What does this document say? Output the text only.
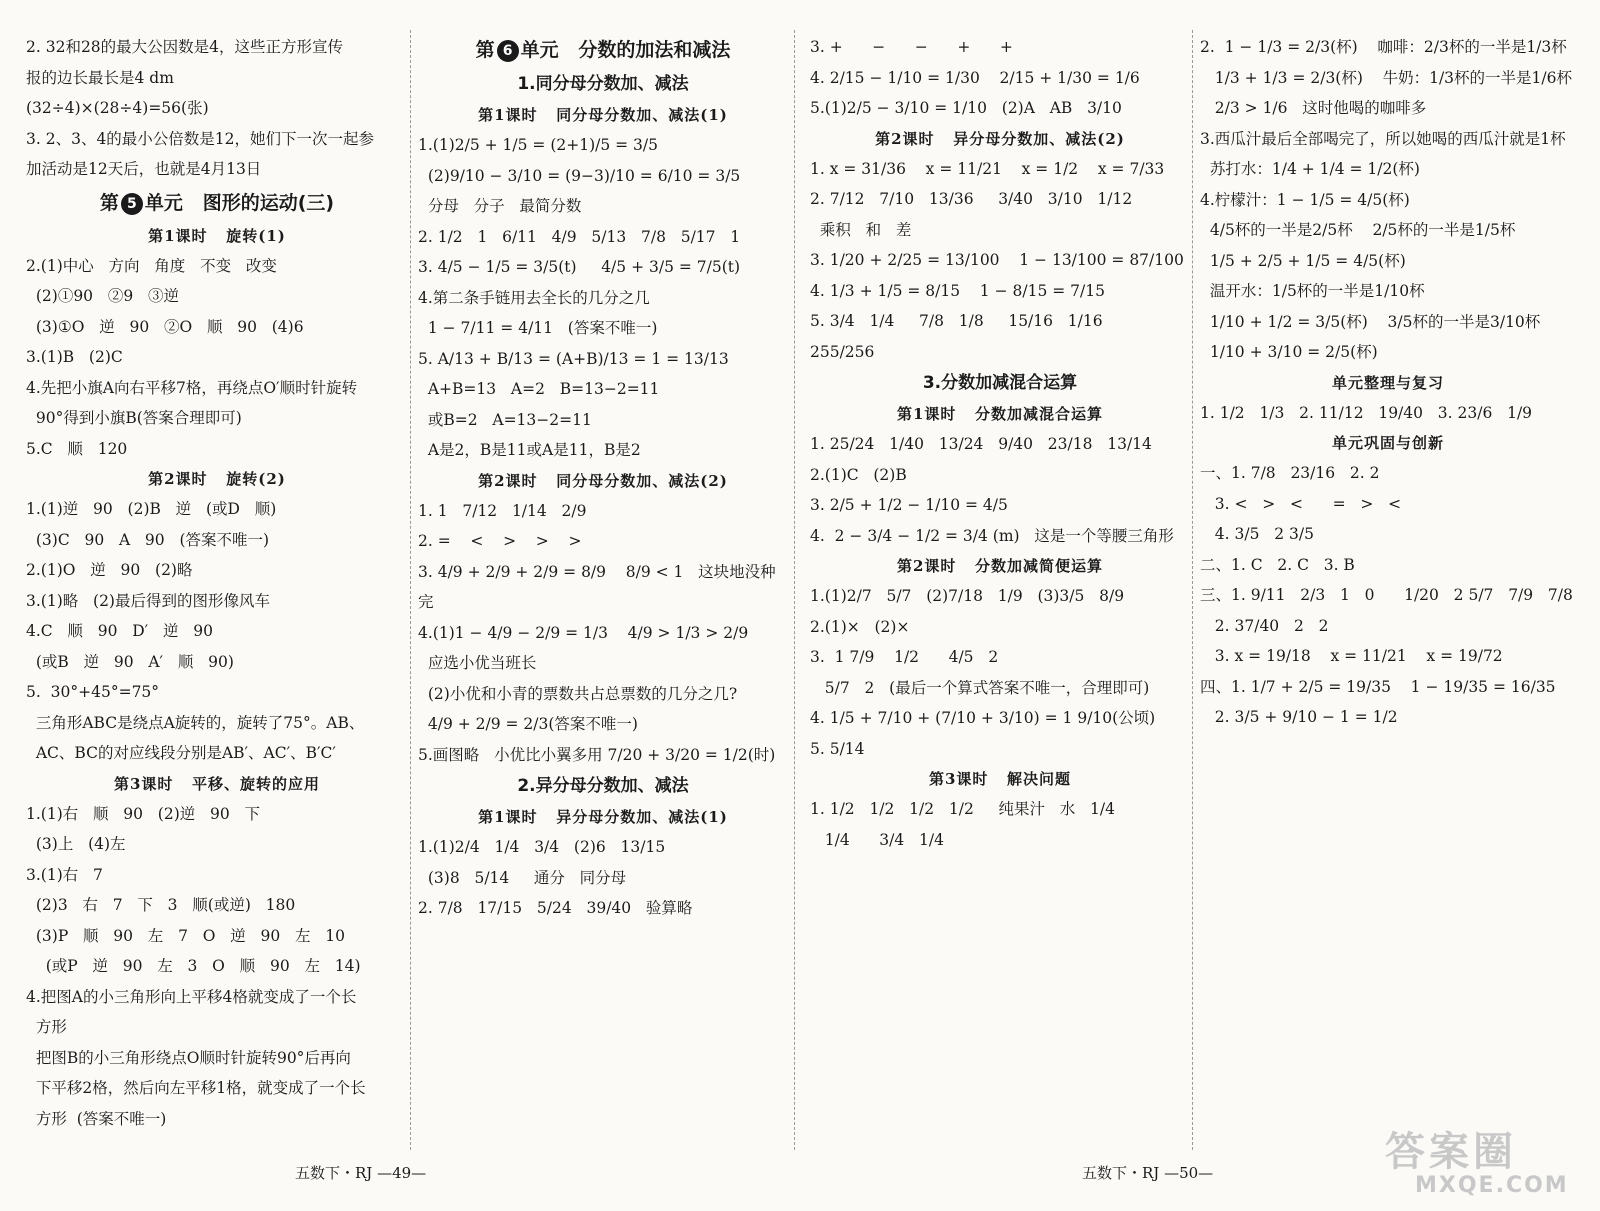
2. 32和28的最大公因数是4，这些正方形宣传
报的边长最长是4 dm
(32÷4)×(28÷4)=56(张)
3. 2、3、4的最小公倍数是12，她们下一次一起参
加活动是12天后，也就是4月13日
第 5 单元   图形的运动(三)
第1课时   旋转(1)
2.(1)中心   方向   角度   不变   改变
(2)①90   ②9   ③逆
(3)①O   逆   90   ②O   顺   90   (4)6
3.(1)B   (2)C
4.先把小旗A向右平移7格，再绕点O′顺时针旋转
90°得到小旗B(答案合理即可)
5.C   顺   120
第2课时   旋转(2)
1.(1)逆   90   (2)B   逆   (或D   顺)
(3)C   90   A   90   (答案不唯一)
2.(1)O   逆   90   (2)略
3.(1)略   (2)最后得到的图形像风车
4.C   顺   90   D′   逆   90
(或B   逆   90   A′   顺   90)
5.  30°+45°=75°
三角形ABC是绕点A旋转的，旋转了75°。AB、
AC、BC的对应线段分别是AB′、AC′、B′C′
第3课时   平移、旋转的应用
1.(1)右   顺   90   (2)逆   90   下
(3)上   (4)左
3.(1)右   7
(2)3   右   7   下   3   顺(或逆)   180
(3)P   顺   90   左   7   O   逆   90   左   10
(或P   逆   90   左   3   O   顺   90   左   14)
4.把图A的小三角形向上平移4格就变成了一个长
方形
把图B的小三角形绕点O顺时针旋转90°后再向
下平移2格，然后向左平移1格，就变成了一个长
方形  (答案不唯一)
第 6 单元   分数的加法和减法
1.同分母分数加、减法
第1课时   同分母分数加、减法(1)
1.(1)2/5 + 1/5 = (2+1)/5 = 3/5
(2)9/10 − 3/10 = (9−3)/10 = 6/10 = 3/5
分母   分子   最简分数
2. 1/2   1   6/11   4/9   5/13   7/8   5/17   1
3. 4/5 − 1/5 = 3/5(t)     4/5 + 3/5 = 7/5(t)
4.第二条手链用去全长的几分之几
1 − 7/11 = 4/11   (答案不唯一)
5. A/13 + B/13 = (A+B)/13 = 1 = 13/13
A+B=13   A=2   B=13−2=11
或B=2   A=13−2=11
A是2，B是11或A是11，B是2
第2课时   同分母分数加、减法(2)
1. 1   7/12   1/14   2/9
2. =    <    >    >    >
3. 4/9 + 2/9 + 2/9 = 8/9    8/9 < 1   这块地没种完
4.(1)1 − 4/9 − 2/9 = 1/3    4/9 > 1/3 > 2/9
应选小优当班长
(2)小优和小青的票数共占总票数的几分之几?
4/9 + 2/9 = 2/3(答案不唯一)
5.画图略   小优比小翼多用 7/20 + 3/20 = 1/2(时)
2.异分母分数加、减法
第1课时   异分母分数加、减法(1)
1.(1)2/4   1/4   3/4   (2)6   13/15
(3)8   5/14     通分   同分母
2. 7/8   17/15   5/24   39/40   验算略
3. +      −      −      +      +
4. 2/15 − 1/10 = 1/30    2/15 + 1/30 = 1/6
5.(1)2/5 − 3/10 = 1/10   (2)A   AB   3/10
第2课时   异分母分数加、减法(2)
1. x = 31/36    x = 11/21    x = 1/2    x = 7/33
2. 7/12   7/10   13/36     3/40   3/10   1/12
乘积   和   差
3. 1/20 + 2/25 = 13/100    1 − 13/100 = 87/100
4. 1/3 + 1/5 = 8/15    1 − 8/15 = 7/15
5. 3/4   1/4     7/8   1/8     15/16   1/16     255/256
3.分数加减混合运算
第1课时   分数加减混合运算
1. 25/24   1/40   13/24   9/40   23/18   13/14
2.(1)C   (2)B
3. 2/5 + 1/2 − 1/10 = 4/5
4.  2 − 3/4 − 1/2 = 3/4 (m)   这是一个等腰三角形
第2课时   分数加减简便运算
1.(1)2/7   5/7   (2)7/18   1/9   (3)3/5   8/9
2.(1)×   (2)×
3.  1 7/9    1/2      4/5   2
5/7   2   (最后一个算式答案不唯一，合理即可)
4. 1/5 + 7/10 + (7/10 + 3/10) = 1 9/10(公顷)
5. 5/14
第3课时   解决问题
1. 1/2   1/2   1/2   1/2     纯果汁   水   1/4
1/4      3/4   1/4
2.  1 − 1/3 = 2/3(杯)    咖啡：2/3杯的一半是1/3杯
1/3 + 1/3 = 2/3(杯)    牛奶：1/3杯的一半是1/6杯
2/3 > 1/6   这时他喝的咖啡多
3.西瓜汁最后全部喝完了，所以她喝的西瓜汁就是1杯
苏打水：1/4 + 1/4 = 1/2(杯)
4.柠檬汁：1 − 1/5 = 4/5(杯)
4/5杯的一半是2/5杯    2/5杯的一半是1/5杯
1/5 + 2/5 + 1/5 = 4/5(杯)
温开水：1/5杯的一半是1/10杯
1/10 + 1/2 = 3/5(杯)    3/5杯的一半是3/10杯
1/10 + 3/10 = 2/5(杯)
单元整理与复习
1. 1/2   1/3   2. 11/12   19/40   3. 23/6   1/9
单元巩固与创新
一、1. 7/8   23/16   2. 2
3. <   >   <      =   >   <
4. 3/5   2 3/5
二、1. C   2. C   3. B
三、1. 9/11   2/3   1   0      1/20   2 5/7   7/9   7/8
2. 37/40   2   2
3. x = 19/18    x = 11/21    x = 19/72
四、1. 1/7 + 2/5 = 19/35    1 − 19/35 = 16/35
2. 3/5 + 9/10 − 1 = 1/2
五数下・RJ —49—	五数下・RJ —50—	答案圈
MXQE.COM
